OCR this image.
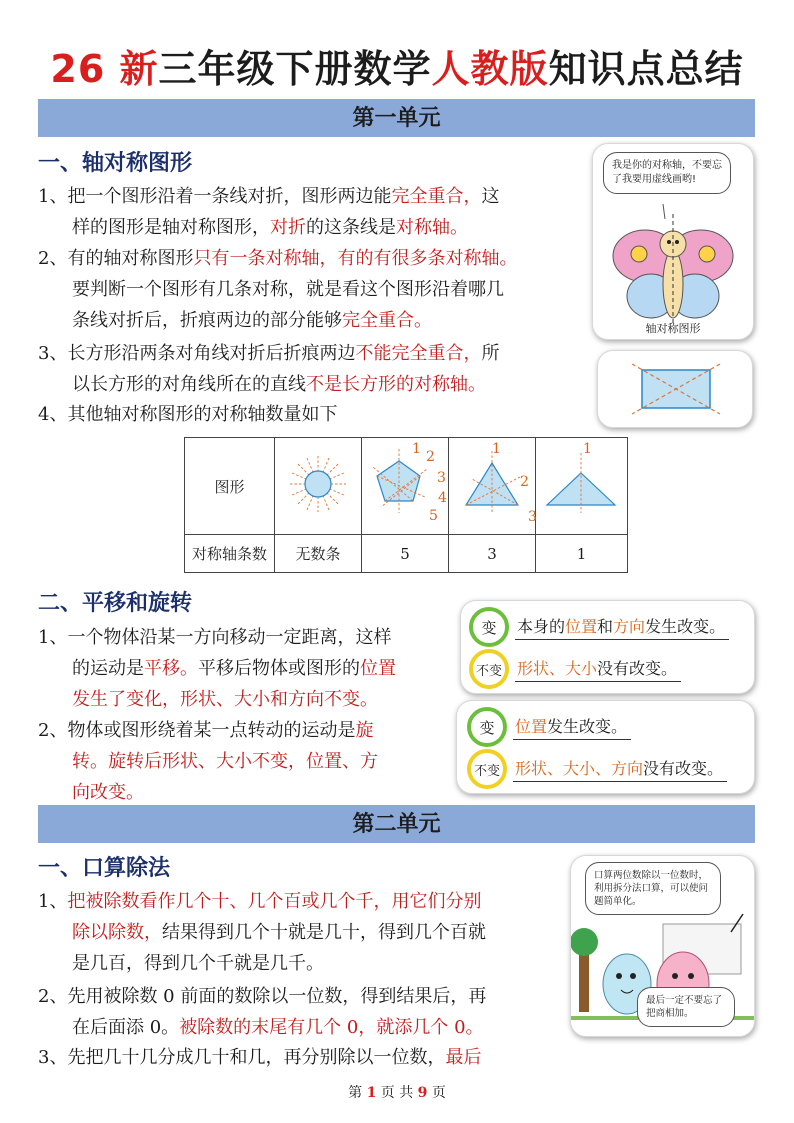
26 新三年级下册数学人教版知识点总结
第一单元
一、轴对称图形
1、把一个图形沿着一条线对折，图形两边能完全重合，这
样的图形是轴对称图形，对折的这条线是对称轴。
2、有的轴对称图形只有一条对称轴，有的有很多条对称轴。
要判断一个图形有几条对称，就是看这个图形沿着哪几
条线对折后，折痕两边的部分能够完全重合。
3、长方形沿两条对角线对折后折痕两边不能完全重合，所
以长方形的对角线所在的直线不是长方形的对称轴。
4、其他轴对称图形的对称轴数量如下
我是你的对称轴，不要忘了我要用虚线画哟!
轴对称图形
图形				
对称轴条数	无数条	5	3	1
1 2
3
4
5
1
2
3
1
二、平移和旋转
1、一个物体沿某一方向移动一定距离，这样
的运动是平移。平移后物体或图形的位置
发生了变化，形状、大小和方向不变。
2、物体或图形绕着某一点转动的运动是旋
转。旋转后形状、大小不变，位置、方
向改变。
变	本身的位置和方向发生改变。
不变 形状、大小没有改变。
变	位置发生改变。
不变 形状、大小、方向没有改变。
第二单元
一、口算除法
1、把被除数看作几个十、几个百或几个千，用它们分别
除以除数，结果得到几个十就是几十，得到几个百就
是几百，得到几个千就是几千。
2、先用被除数 0 前面的数除以一位数，得到结果后，再
在后面添 0。被除数的末尾有几个 0，就添几个 0。
3、先把几十几分成几十和几，再分别除以一位数，最后
口算两位数除以一位数时，利用拆分法口算，可以使问题简单化。
最后一定不要忘了把商相加。
第 1 页 共 9 页
